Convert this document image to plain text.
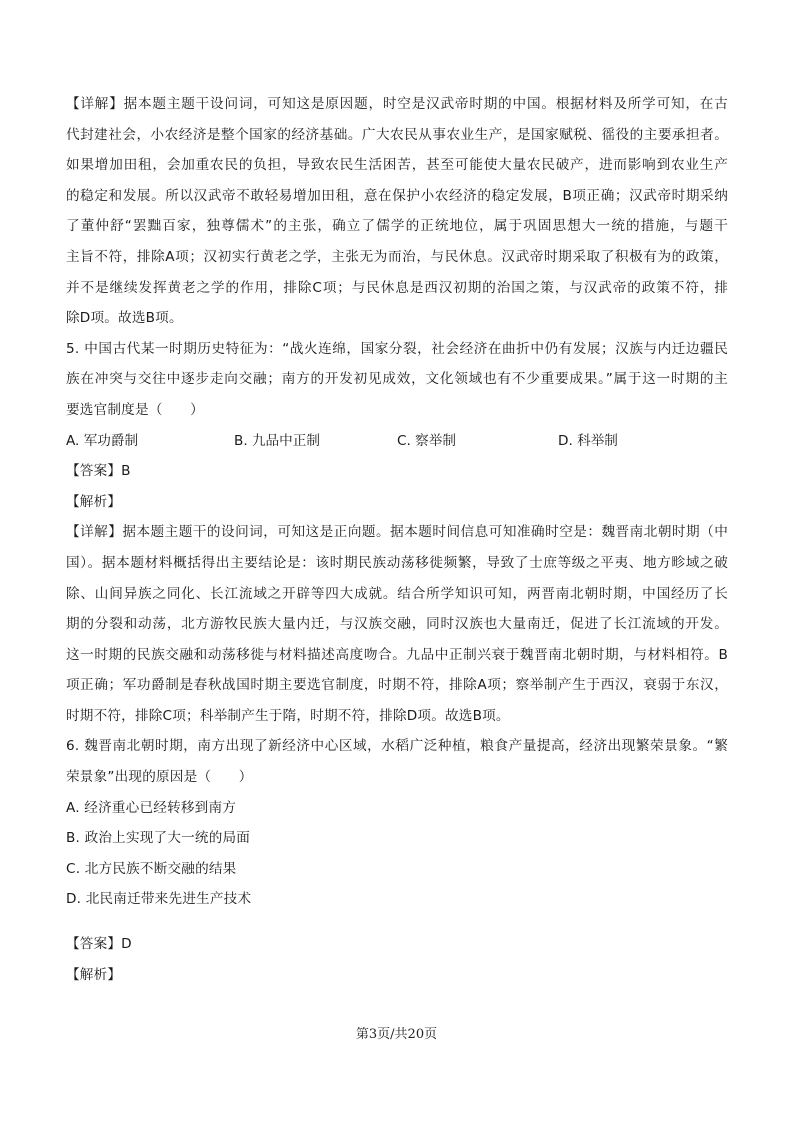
【详解】据本题主题干设问词，可知这是原因题，时空是汉武帝时期的中国。根据材料及所学可知，在古
代封建社会，小农经济是整个国家的经济基础。广大农民从事农业生产，是国家赋税、徭役的主要承担者。
如果增加田租，会加重农民的负担，导致农民生活困苦，甚至可能使大量农民破产，进而影响到农业生产
的稳定和发展。所以汉武帝不敢轻易增加田租，意在保护小农经济的稳定发展，B项正确；汉武帝时期采纳
了董仲舒“罢黜百家，独尊儒术”的主张，确立了儒学的正统地位，属于巩固思想大一统的措施，与题干
主旨不符，排除A项；汉初实行黄老之学，主张无为而治，与民休息。汉武帝时期采取了积极有为的政策，
并不是继续发挥黄老之学的作用，排除C项；与民休息是西汉初期的治国之策，与汉武帝的政策不符，排
除D项。故选B项。
5. 中国古代某一时期历史特征为：“战火连绵，国家分裂，社会经济在曲折中仍有发展；汉族与内迁边疆民
族在冲突与交往中逐步走向交融；南方的开发初见成效，文化领域也有不少重要成果。”属于这一时期的主
要选官制度是（　　）
A. 军功爵制	B. 九品中正制	C. 察举制	D. 科举制
【答案】B
【解析】
【详解】据本题主题干的设问词，可知这是正向题。据本题时间信息可知准确时空是：魏晋南北朝时期（中
国）。据本题材料概括得出主要结论是：该时期民族动荡移徙频繁，导致了士庶等级之平夷、地方畛域之破
除、山间异族之同化、长江流域之开辟等四大成就。结合所学知识可知，两晋南北朝时期，中国经历了长
期的分裂和动荡，北方游牧民族大量内迁，与汉族交融，同时汉族也大量南迁，促进了长江流域的开发。
这一时期的民族交融和动荡移徙与材料描述高度吻合。九品中正制兴衰于魏晋南北朝时期，与材料相符。B
项正确；军功爵制是春秋战国时期主要选官制度，时期不符，排除A项；察举制产生于西汉，衰弱于东汉，
时期不符，排除C项；科举制产生于隋，时期不符，排除D项。故选B项。
6. 魏晋南北朝时期，南方出现了新经济中心区域，水稻广泛种植，粮食产量提高，经济出现繁荣景象。“繁
荣景象”出现的原因是（　　）
A. 经济重心已经转移到南方
B. 政治上实现了大一统的局面
C. 北方民族不断交融的结果
D. 北民南迁带来先进生产技术
【答案】D
【解析】
第3页/共20页
